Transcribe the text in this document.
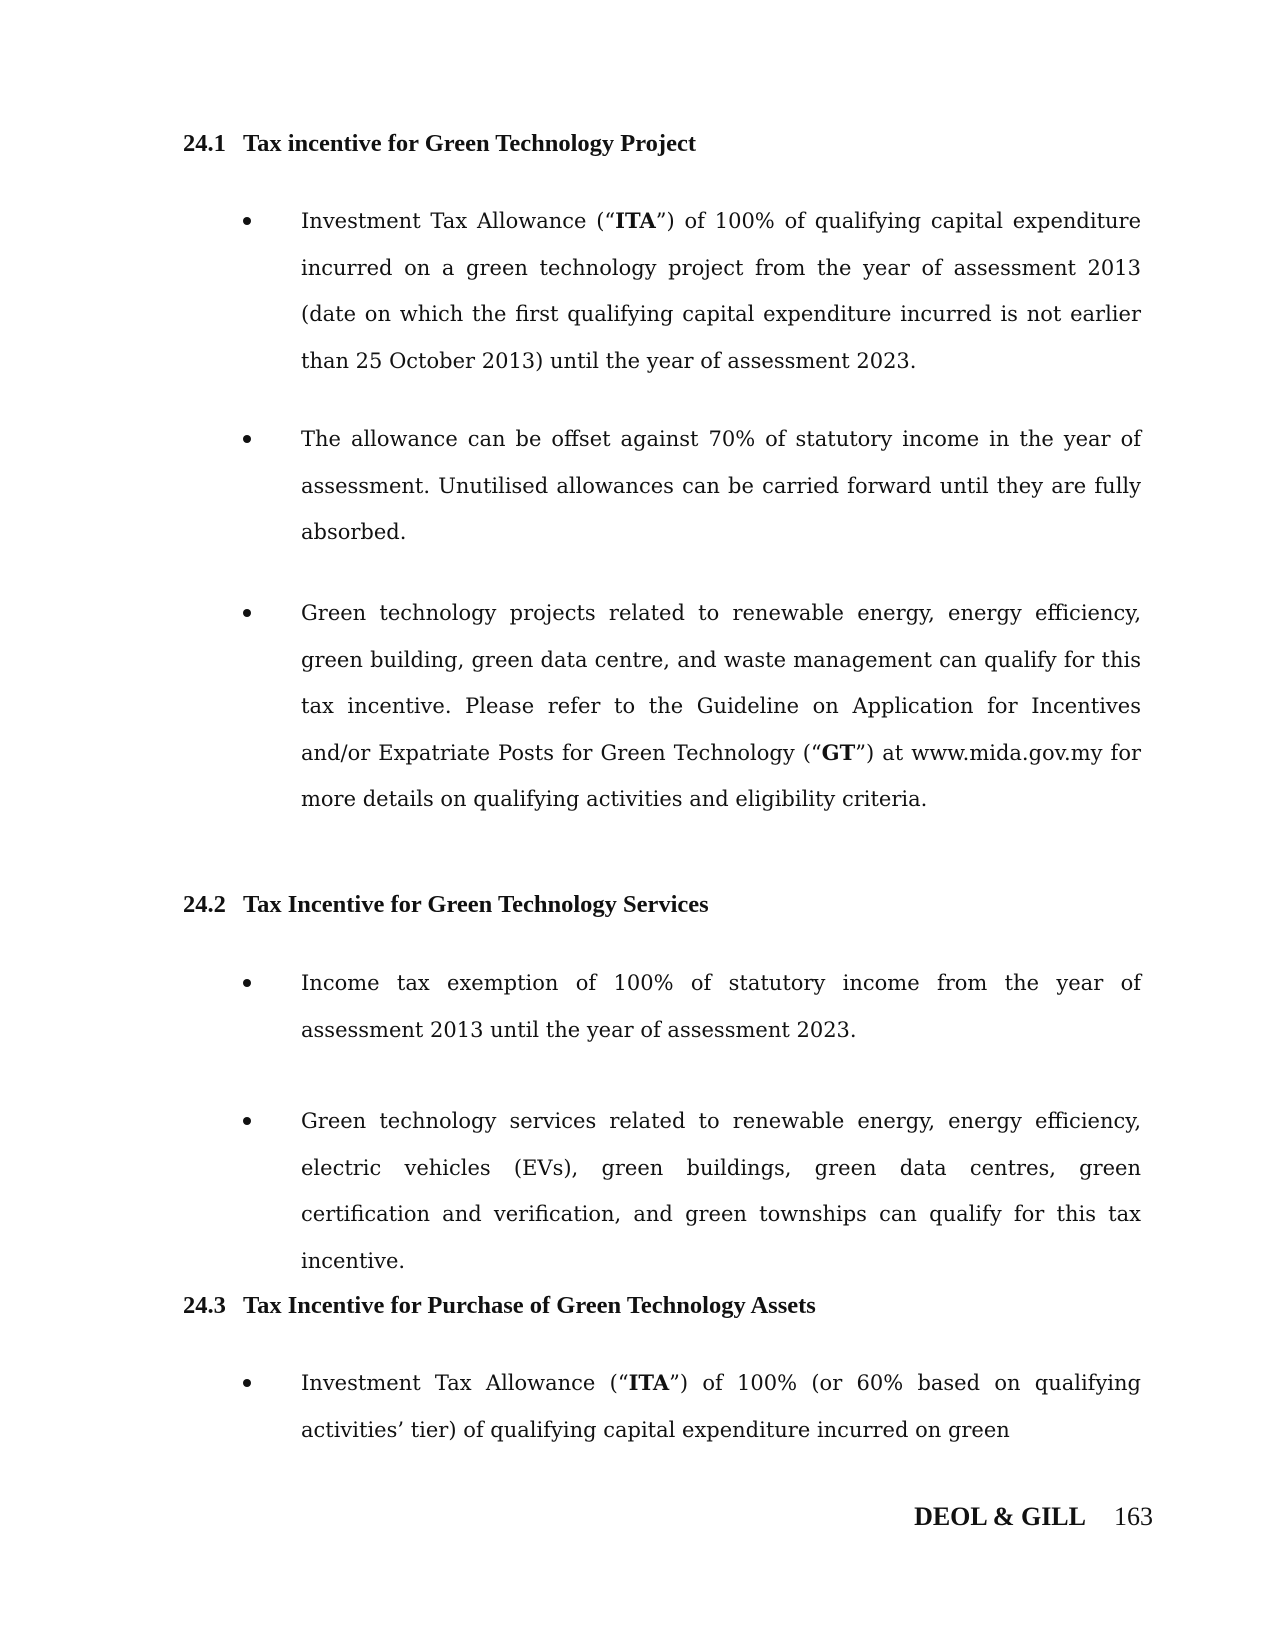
24.1 Tax incentive for Green Technology Project
Investment Tax Allowance (“ITA”) of 100% of qualifying capital expenditure incurred on a green technology project from the year of assessment 2013 (date on which the first qualifying capital expenditure incurred is not earlier than 25 October 2013) until the year of assessment 2023.
The allowance can be offset against 70% of statutory income in the year of assessment. Unutilised allowances can be carried forward until they are fully absorbed.
Green technology projects related to renewable energy, energy efficiency, green building, green data centre, and waste management can qualify for this tax incentive. Please refer to the Guideline on Application for Incentives and/or Expatriate Posts for Green Technology (“GT”) at www.mida.gov.my for more details on qualifying activities and eligibility criteria.
24.2 Tax Incentive for Green Technology Services
Income tax exemption of 100% of statutory income from the year of assessment 2013 until the year of assessment 2023.
Green technology services related to renewable energy, energy efficiency, electric vehicles (EVs), green buildings, green data centres, green certification and verification, and green townships can qualify for this tax incentive.
24.3 Tax Incentive for Purchase of Green Technology Assets
Investment Tax Allowance (“ITA”) of 100% (or 60% based on qualifying activities’ tier) of qualifying capital expenditure incurred on green
DEOL & GILL 163
